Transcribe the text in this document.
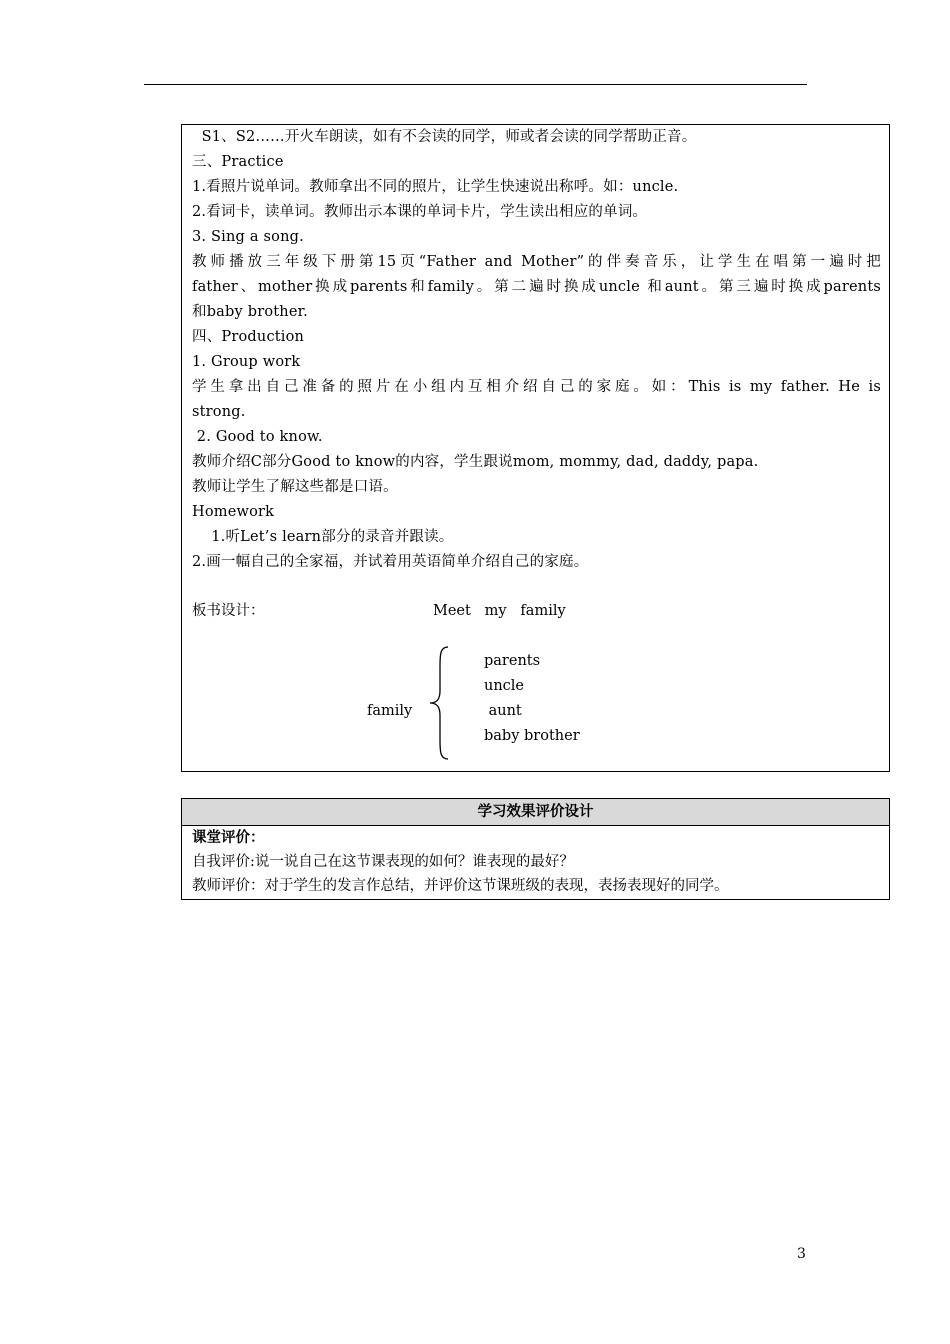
S1、S2……开火车朗读，如有不会读的同学，师或者会读的同学帮助正音。
三、Practice
1.看照片说单词。教师拿出不同的照片，让学生快速说出称呼。如：uncle.
2.看词卡，读单词。教师出示本课的单词卡片，学生读出相应的单词。
3. Sing a song.
教师播放三年级下册第15页“Father and Mother”的伴奏音乐，让学生在唱第一遍时把
father、mother换成parents和family。第二遍时换成uncle 和aunt。第三遍时换成parents
和baby brother.
四、Production
1. Group work
学生拿出自己准备的照片在小组内互相介绍自己的家庭。如：This is my father. He is
strong.
2. Good to know.
教师介绍C部分Good to know的内容，学生跟说mom, mommy, dad, daddy, papa.
教师让学生了解这些都是口语。
Homework
1.听Let’s learn部分的录音并跟读。
2.画一幅自己的全家福，并试着用英语简单介绍自己的家庭。
板书设计：	Meet   my   family
family
parents
uncle
aunt
baby brother
学习效果评价设计
课堂评价：
自我评价:说一说自己在这节课表现的如何？谁表现的最好？
教师评价：对于学生的发言作总结，并评价这节课班级的表现，表扬表现好的同学。
3
